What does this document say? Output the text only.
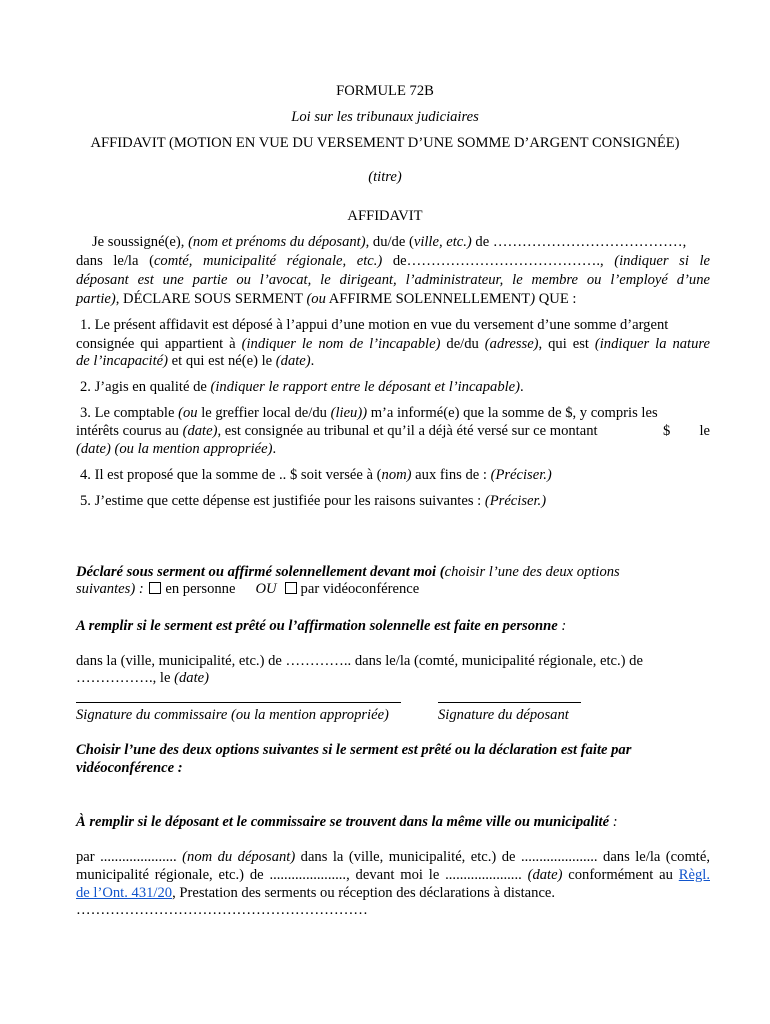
FORMULE 72B
Loi sur les tribunaux judiciaires
AFFIDAVIT (MOTION EN VUE DU VERSEMENT D’UNE SOMME D’ARGENT CONSIGNÉE)
(titre)
AFFIDAVIT
Je soussigné(e), (nom et prénoms du déposant), du/de (ville, etc.) de …………………………………,
dans le/la (comté, municipalité régionale, etc.) de…………………………………., (indiquer si le
déposant est une partie ou l’avocat, le dirigeant, l’administrateur, le membre ou l’employé d’une
partie), DÉCLARE SOUS SERMENT (ou AFFIRME SOLENNELLEMENT) QUE :
1. Le présent affidavit est déposé à l’appui d’une motion en vue du versement d’une somme d’argent
consignée qui appartient à (indiquer le nom de l’incapable) de/du (adresse), qui est (indiquer la nature
de l’incapacité) et qui est né(e) le (date).
2. J’agis en qualité de (indiquer le rapport entre le déposant et l’incapable).
3. Le comptable (ou le greffier local de/du (lieu)) m’a informé(e) que la somme de $, y compris les
intérêts courus au (date), est consignée au tribunal et qu’il a déjà été versé sur ce montant	$ le
(date) (ou la mention appropriée).
4. Il est proposé que la somme de .. $ soit versée à (nom) aux fins de : (Préciser.)
5. J’estime que cette dépense est justifiée pour les raisons suivantes : (Préciser.)
Déclaré sous serment ou affirmé solennellement devant moi (choisir l’une des deux options
suivantes) : en personne OU par vidéoconférence
A remplir si le serment est prêté ou l’affirmation solennelle est faite en personne :
dans la (ville, municipalité, etc.) de ………….. dans le/la (comté, municipalité régionale, etc.) de
……………., le (date)
Signature du commissaire (ou la mention appropriée)	Signature du déposant
Choisir l’une des deux options suivantes si le serment est prêté ou la déclaration est faite par
vidéoconférence :
À remplir si le déposant et le commissaire se trouvent dans la même ville ou municipalité :
par ..................... (nom du déposant) dans la (ville, municipalité, etc.) de ..................... dans le/la (comté,
municipalité régionale, etc.) de ....................., devant moi le ..................... (date) conformément au Règl.
de l’Ont. 431/20, Prestation des serments ou réception des déclarations à distance.
……………………………………………………
